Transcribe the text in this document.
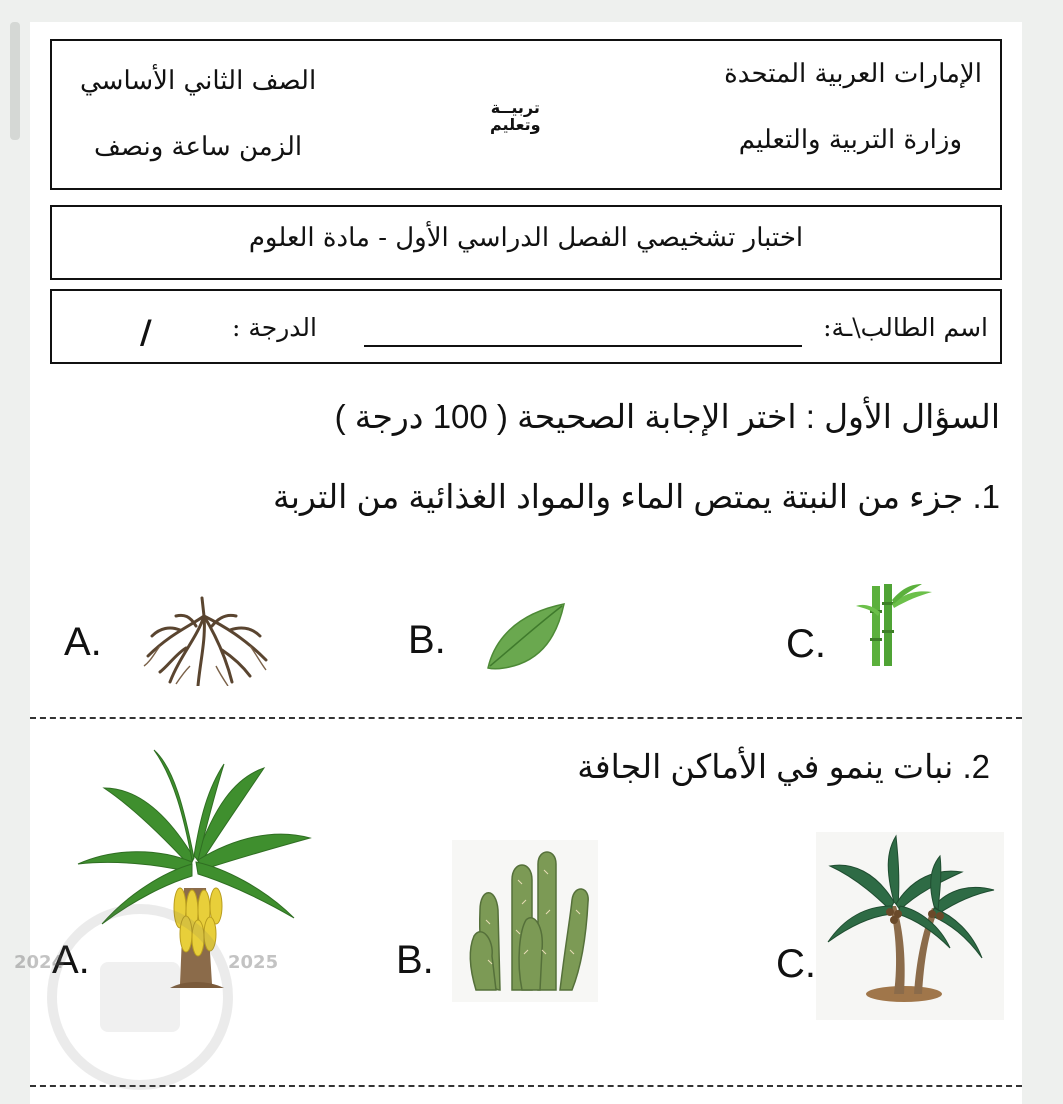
الإمارات العربية المتحدة
وزارة التربية والتعليم
الصف الثاني الأساسي
الزمن ساعة ونصف
تربيــة
وتعليم
اختبار تشخيصي الفصل الدراسي الأول - مادة العلوم
اسم الطالب\ـة:
الدرجة :
/
السؤال الأول : اختر الإجابة الصحيحة ( 100 درجة )
1. جزء من النبتة يمتص الماء والمواد الغذائية من التربة
A.	B.	C.
2. نبات ينمو في الأماكن الجافة
A.	B.	C.
2024	2025
